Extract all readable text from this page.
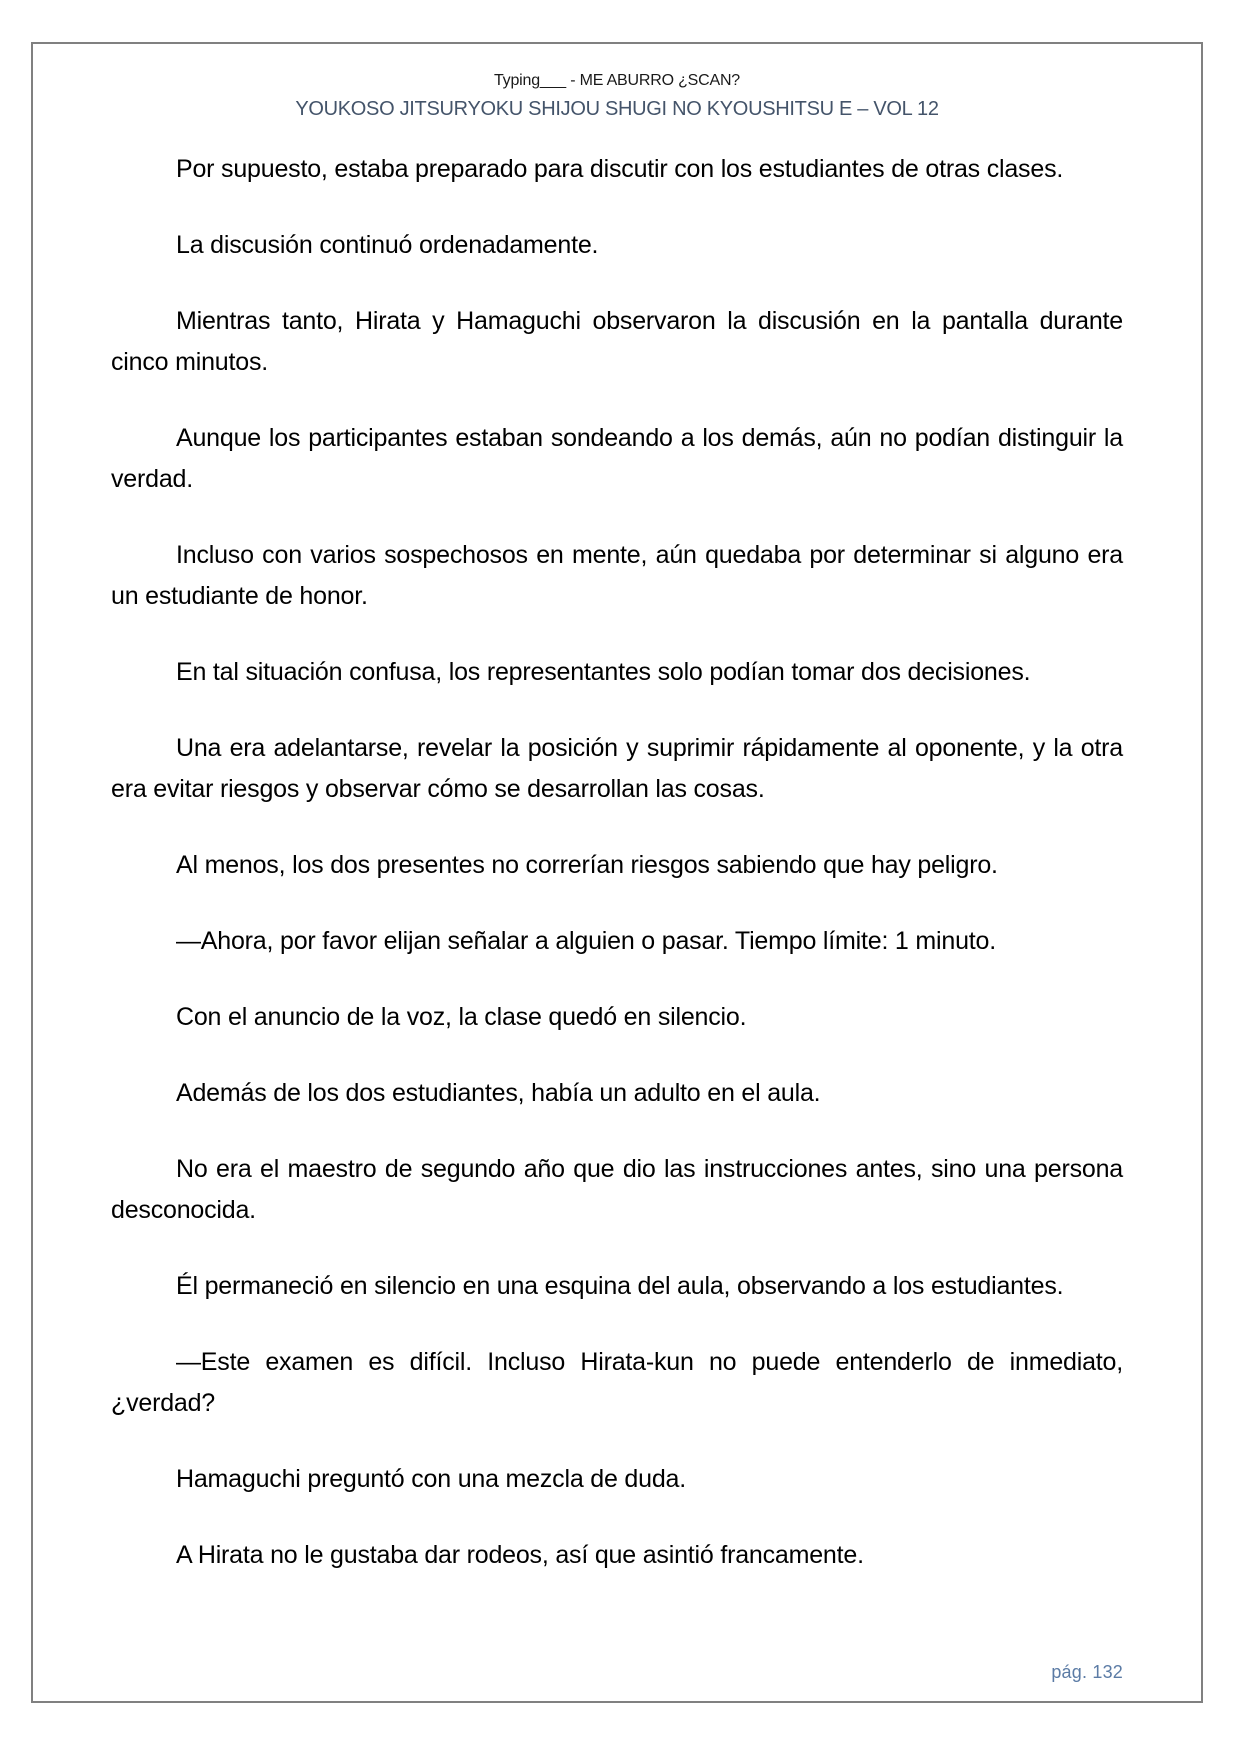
Typing___ - ME ABURRO ¿SCAN?
YOUKOSO JITSURYOKU SHIJOU SHUGI NO KYOUSHITSU E – VOL 12

Por supuesto, estaba preparado para discutir con los estudiantes de otras clases.

La discusión continuó ordenadamente.

Mientras tanto, Hirata y Hamaguchi observaron la discusión en la pantalla durante cinco minutos.

Aunque los participantes estaban sondeando a los demás, aún no podían distinguir la verdad.

Incluso con varios sospechosos en mente, aún quedaba por determinar si alguno era un estudiante de honor.

En tal situación confusa, los representantes solo podían tomar dos decisiones.

Una era adelantarse, revelar la posición y suprimir rápidamente al oponente, y la otra era evitar riesgos y observar cómo se desarrollan las cosas.

Al menos, los dos presentes no correrían riesgos sabiendo que hay peligro.

—Ahora, por favor elijan señalar a alguien o pasar. Tiempo límite: 1 minuto.

Con el anuncio de la voz, la clase quedó en silencio.

Además de los dos estudiantes, había un adulto en el aula.

No era el maestro de segundo año que dio las instrucciones antes, sino una persona desconocida.

Él permaneció en silencio en una esquina del aula, observando a los estudiantes.

—Este examen es difícil. Incluso Hirata-kun no puede entenderlo de inmediato, ¿verdad?

Hamaguchi preguntó con una mezcla de duda.

A Hirata no le gustaba dar rodeos, así que asintió francamente.

pág. 132
